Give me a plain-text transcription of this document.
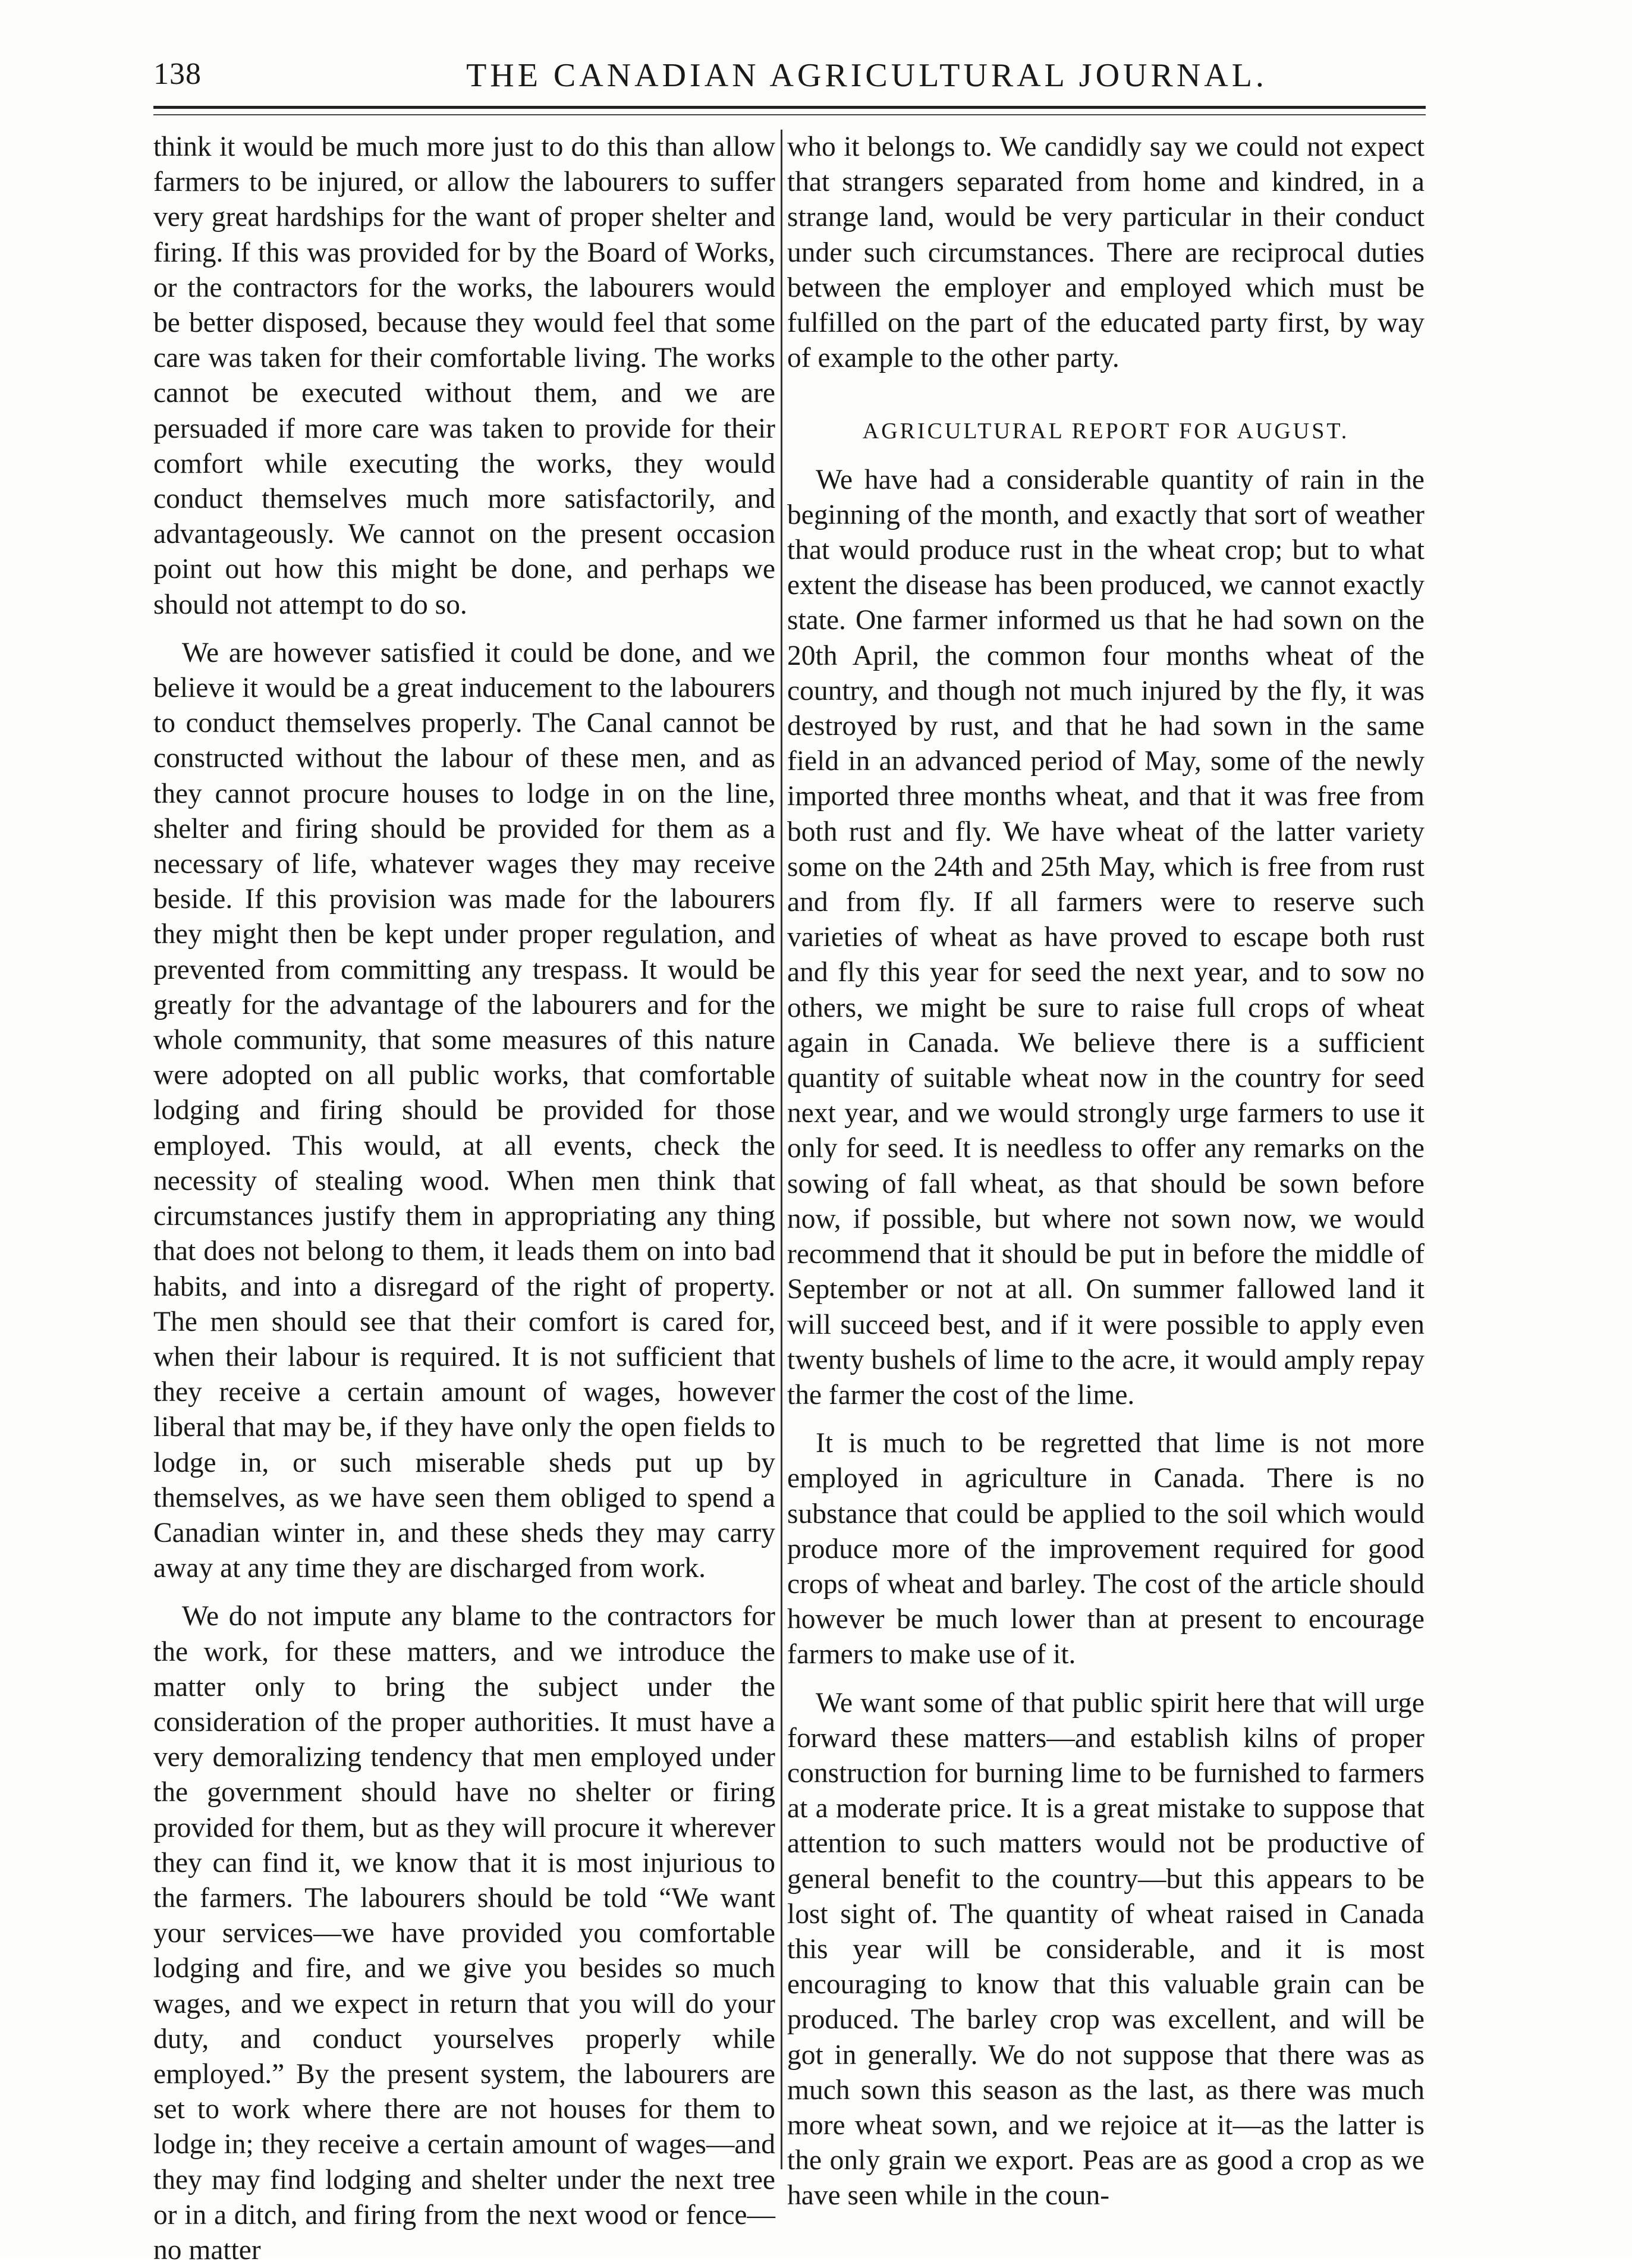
138	THE CANADIAN AGRICULTURAL JOURNAL.

think it would be much more just to do this than allow farmers to be injured, or allow the labourers to suffer very great hardships for the want of proper shelter and firing. If this was provided for by the Board of Works, or the contractors for the works, the labourers would be better disposed, because they would feel that some care was taken for their comfortable living. The works cannot be executed without them, and we are persuaded if more care was taken to provide for their comfort while executing the works, they would conduct themselves much more satisfactorily, and advantageously. We cannot on the present occasion point out how this might be done, and perhaps we should not attempt to do so.

We are however satisfied it could be done, and we believe it would be a great inducement to the labourers to conduct themselves properly. The Canal cannot be constructed without the labour of these men, and as they cannot procure houses to lodge in on the line, shelter and firing should be provided for them as a necessary of life, whatever wages they may receive beside. If this provision was made for the labourers they might then be kept under proper regulation, and prevented from committing any trespass. It would be greatly for the advantage of the labourers and for the whole community, that some measures of this nature were adopted on all public works, that comfortable lodging and firing should be provided for those employed. This would, at all events, check the necessity of stealing wood. When men think that circumstances justify them in appropriating any thing that does not belong to them, it leads them on into bad habits, and into a disregard of the right of property. The men should see that their comfort is cared for, when their labour is required. It is not sufficient that they receive a certain amount of wages, however liberal that may be, if they have only the open fields to lodge in, or such miserable sheds put up by themselves, as we have seen them obliged to spend a Canadian winter in, and these sheds they may carry away at any time they are discharged from work.

We do not impute any blame to the contractors for the work, for these matters, and we introduce the matter only to bring the subject under the consideration of the proper authorities. It must have a very demoralizing tendency that men employed under the government should have no shelter or firing provided for them, but as they will procure it wherever they can find it, we know that it is most injurious to the farmers. The labourers should be told “We want your services—we have provided you comfortable lodging and fire, and we give you besides so much wages, and we expect in return that you will do your duty, and conduct yourselves properly while employed.” By the present system, the labourers are set to work where there are not houses for them to lodge in; they receive a certain amount of wages—and they may find lodging and shelter under the next tree or in a ditch, and firing from the next wood or fence—no matter

who it belongs to. We candidly say we could not expect that strangers separated from home and kindred, in a strange land, would be very particular in their conduct under such circumstances. There are reciprocal duties between the employer and employed which must be fulfilled on the part of the educated party first, by way of example to the other party.

AGRICULTURAL REPORT FOR AUGUST.

We have had a considerable quantity of rain in the beginning of the month, and exactly that sort of weather that would produce rust in the wheat crop; but to what extent the disease has been produced, we cannot exactly state. One farmer informed us that he had sown on the 20th April, the common four months wheat of the country, and though not much injured by the fly, it was destroyed by rust, and that he had sown in the same field in an advanced period of May, some of the newly imported three months wheat, and that it was free from both rust and fly. We have wheat of the latter variety some on the 24th and 25th May, which is free from rust and from fly. If all farmers were to reserve such varieties of wheat as have proved to escape both rust and fly this year for seed the next year, and to sow no others, we might be sure to raise full crops of wheat again in Canada. We believe there is a sufficient quantity of suitable wheat now in the country for seed next year, and we would strongly urge farmers to use it only for seed. It is needless to offer any remarks on the sowing of fall wheat, as that should be sown before now, if possible, but where not sown now, we would recommend that it should be put in before the middle of September or not at all. On summer fallowed land it will succeed best, and if it were possible to apply even twenty bushels of lime to the acre, it would amply repay the farmer the cost of the lime.

It is much to be regretted that lime is not more employed in agriculture in Canada. There is no substance that could be applied to the soil which would produce more of the improvement required for good crops of wheat and barley. The cost of the article should however be much lower than at present to encourage farmers to make use of it.

We want some of that public spirit here that will urge forward these matters—and establish kilns of proper construction for burning lime to be furnished to farmers at a moderate price. It is a great mistake to suppose that attention to such matters would not be productive of general benefit to the country—but this appears to be lost sight of. The quantity of wheat raised in Canada this year will be considerable, and it is most encouraging to know that this valuable grain can be produced. The barley crop was excellent, and will be got in generally. We do not suppose that there was as much sown this season as the last, as there was much more wheat sown, and we rejoice at it—as the latter is the only grain we export. Peas are as good a crop as we have seen while in the coun-
